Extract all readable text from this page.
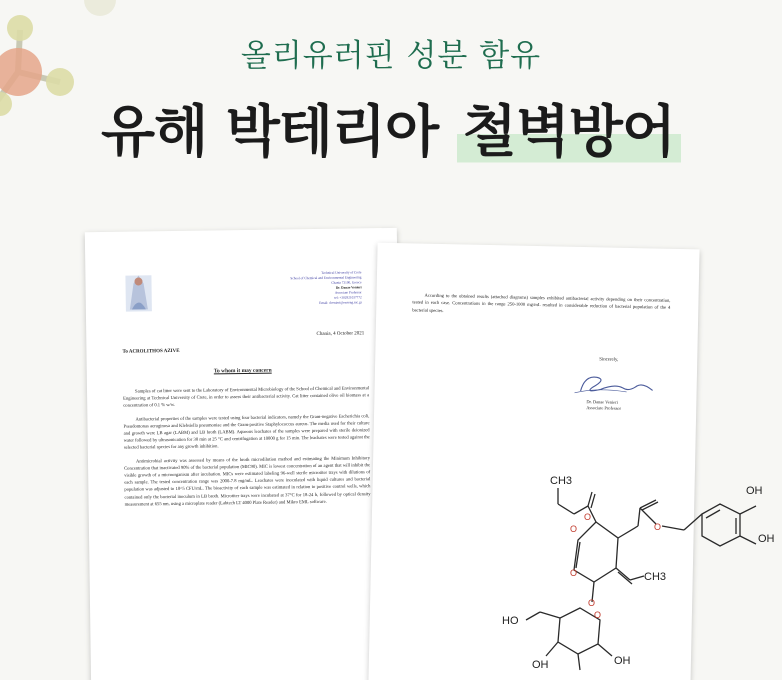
올리유러핀 성분 함유
유해 박테리아 철벽방어
Technical University of Crete
School of Chemical and Environmental Engineering
Chania 73100, Greece
Dr. Danae Venieri
Associate Professor
tel: +302821037772
Email: dvenieri@enveng.tuc.gr
Chania, 4 October 2021
To ACROLITHOS AZIVE
To whom it may concern

Samples of cat litter were sent to the Laboratory of Environmental Microbiology of the School of Chemical and Environmental Engineering at Technical University of Crete, in order to assess their antibacterial activity. Cat litter contained olive oil biomass at a concentration of 0.1 % w/w.

Antibacterial properties of the samples were tested using four bacterial indicators, namely the Gram-negative Escherichia coli, Pseudomonas aeruginosa and Klebsiella pneumoniae and the Gram-positive Staphylococcus aureus. The media used for their culture and growth were LB agar (LABM) and LB broth (LABM). Aqueous leachates of the samples were prepared with sterile deionized water followed by ultrasonication for 30 min at 25 °C and centrifugation at 10000 g for 15 min. The leachates were tested against the selected bacterial species for any growth inhibition.

Antimicrobial activity was assessed by means of the broth microdilution method and estimating the Minimum Inhibitory Concentration that inactivated 90% of the bacterial population (MIC90). MIC is lowest concentration of an agent that will inhibit the visible growth of a microorganism after incubation. MICs were estimated labeling 96-well sterile microtiter trays with dilutions of each sample. The tested concentration range was 2000-7.8 mg/mL. Leachates were inoculated with liquid cultures and bacterial population was adjusted to 10^5 CFU/mL. The bioactivity of each sample was estimated in relation to positive control wells, which contained only the bacterial inoculum in LB broth. Microtiter trays were incubated at 37°C for 18-24 h, followed by optical density measurement at 655 nm, using a microplate reader (Labtech LT 4000 Plate Reader) and Mikro EML software.

According to the obtained results (attached diagrams) samples exhibited antibacterial activity depending on their concentration, tested in each case. Concentrations in the range 250-1000 mg/mL resulted in considerable reduction of bacterial population of the 4 bacterial species.
Sincerely,
Dr. Danae Venieri
Associate Professor
CH3
OH
OH
CH3
HO
OH
OH
O
O
O
O
O
O
